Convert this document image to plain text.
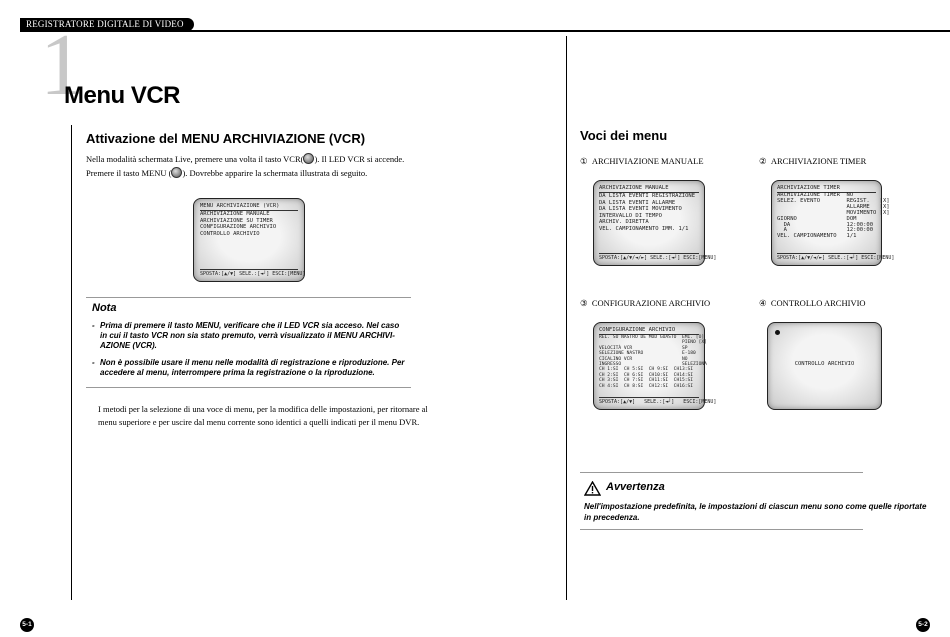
REGISTRATORE DIGITALE DI VIDEO
1
Menu VCR
Attivazione del MENU ARCHIVIAZIONE (VCR)
Nella modalità schermata Live, premere una volta il tasto VCR( ). Il LED VCR si accende.
Premere il tasto MENU ( ). Dovrebbe apparire la schermata illustrata di seguito.
MENU ARCHIVIAZIONE (VCR)
ARCHIVIAZIONE MANUALE
ARCHIVIAZIONE SU TIMER
CONFIGURAZIONE ARCHIVIO
CONTROLLO ARCHIVIO
SPOSTA:[▲/▼] SELE.:[◄┘] ESCI:[MENU]
Nota
- Prima di premere il tasto MENU, verificare che il LED VCR sia acceso. Nel caso in cui il tasto VCR non sia stato premuto, verrà visualizzato il MENU ARCHIVI-AZIONE (VCR).
- Non è possibile usare il menu nelle modalità di registrazione e riproduzione. Per accedere al menu, interrompere prima la registrazione o la riproduzione.
I metodi per la selezione di una voce di menu, per la modifica delle impostazioni, per ritornare al menu superiore e per uscire dal menu corrente sono identici a quelli indicati per il menu DVR.
5-1
Voci dei menu
① ARCHIVIAZIONE MANUALE	② ARCHIVIAZIONE TIMER
③ CONFIGURAZIONE ARCHIVIO	④ CONTROLLO ARCHIVIO
ARCHIVIAZIONE MANUALE
DA LISTA EVENTI REGISTRAZIONE
DA LISTA EVENTI ALLARME
DA LISTA EVENTI MOVIMENTO
INTERVALLO DI TEMPO
ARCHIV. DIRETTA
VEL. CAMPIONAMENTO IMM. 1/1
SPOSTA:[▲/▼/◄/►] SELE.:[◄┘] ESCI:[MENU]
ARCHIVIAZIONE TIMER
ARCHIVIAZIONE TIMER  NO
SELEZ. EVENTO        REGIST.   [X]
ALLARME   [X]
MOVIMENTO [X]
GIORNO               DOM
DA                 12:00:00
A                  12:00:00
VEL. CAMPIONAMENTO   1/1
SPOSTA:[▲/▼/◄/►] SELE.:[◄┘] ESCI:[MENU]
CONFIGURAZIONE ARCHIVIO
REL. SU NASTRO DE MOD GUASTO  EMI. [O]
PIENO [X]
VELOCITÀ VCR                  SP
SELEZIONE NASTRO              E-180
CICALINO VCR                  NO
INGRESSO                      SELEZIONA
CH 1:SI  CH 5:SI  CH 9:SI  CH13:SI
CH 2:SI  CH 6:SI  CH10:SI  CH14:SI
CH 3:SI  CH 7:SI  CH11:SI  CH15:SI
CH 4:SI  CH 8:SI  CH12:SI  CH16:SI
SPOSTA:[▲/▼]   SELE.:[◄┘]   ESCI:[MENU]
CONTROLLO ARCHIVIO
Avvertenza
Nell'impostazione predefinita, le impostazioni di ciascun menu sono come quelle riportate in precedenza.
5-2
